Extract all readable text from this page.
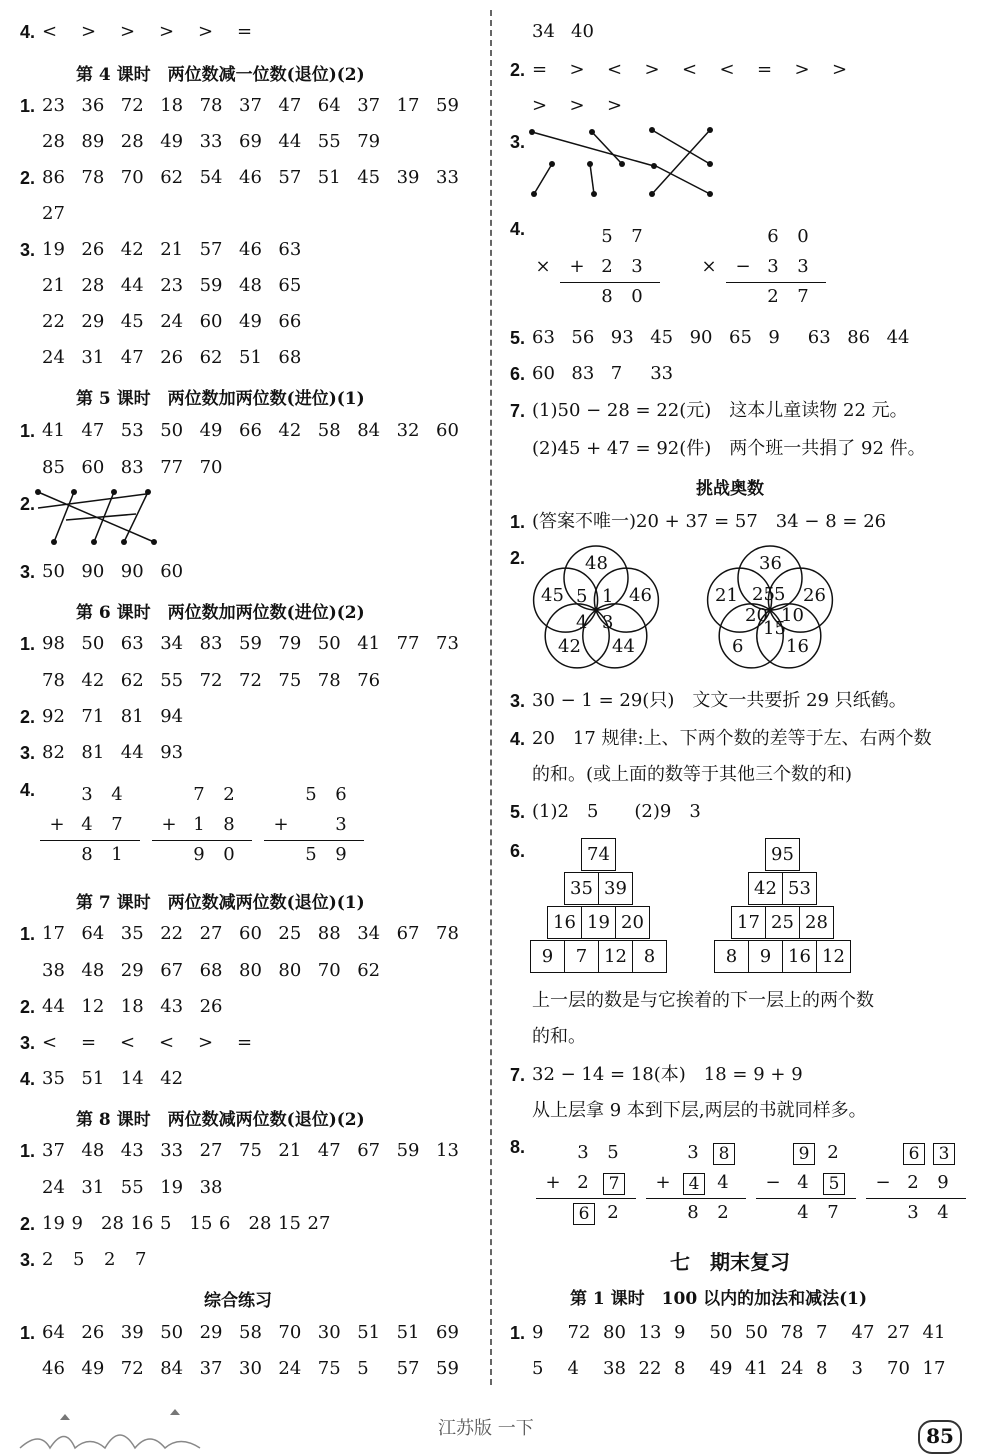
江苏版 一下	85
4. < > > > > =
第 4 课时　两位数减一位数(退位)(2)
1. 23 36 72 18 78 37 47 64 37 17 59
28 89 28 49 33 69 44 55 79
2. 86 78 70 62 54 46 57 51 45 39 33
27
3. 19 26 42 21 57 46 63
21 28 44 23 59 48 65
22 29 45 24 60 49 66
24 31 47 26 62 51 68
第 5 课时　两位数加两位数(进位)(1)
1. 41 47 53 50 49 66 42 58 84 32 60
85 60 83 77 70
2.
3. 50 90 90 60
第 6 课时　两位数加两位数(进位)(2)
1. 98 50 63 34 83 59 79 50 41 77 73
78 42 62 55 72 72 75 78 76
2. 92 71 81 94
3. 82 81 44 93
4.
第 7 课时　两位数减两位数(退位)(1)
1. 17 64 35 22 27 60 25 88 34 67 78
38 48 29 67 68 80 80 70 62
2. 44 12 18 43 26
3. < = < < > =
4. 35 51 14 42
第 8 课时　两位数减两位数(退位)(2)
1. 37 48 43 33 27 75 21 47 67 59 13
24 31 55 19 38
2. 19 9 28 16 5 15 6 28 15 27
3. 2 5 2 7
综合练习
1. 64 26 39 50 29 58 70 30 51 51 69
46 49 72 84 37 30 24 75 5 57 59
3 4
+ 4 7
8 1
7 2
+ 1 8
9 0
5 6
+	3
5 9
34 40
2. = > < > < < = > >
> > >
3.
4.
×
5 7
+ 2 3
8 0
×
6 0
− 3 3
2 7
5. 63 56 93 45 90 65 9 63 86 44
6. 60 83 7 33
7. (1)50 − 28 = 22(元)　这本儿童读物 22 元。
(2)45 + 47 = 92(件)　两个班一共捐了 92 件。
挑战奥数
1. (答案不唯一)20 + 37 = 57　34 − 8 = 26
2.	48
46
44
42
45 1
3
4
5
36
26
16
6
21 5
10
15
20
25
3. 30 − 1 = 29(只)　文文一共要折 29 只纸鹤。
4. 20　17 规律:上、下两个数的差等于左、右两个数
的和。(或上面的数等于其他三个数的和)
5. (1)2　5　　(2)9　3
6.	74
35 39
16 19 20
9	7 12 8
95
42 53
17 25 28
8	9 16 12
上一层的数是与它挨着的下一层上的两个数
的和。
7. 32 − 14 = 18(本)　18 = 9 + 9
从上层拿 9 本到下层,两层的书就同样多。
8.	3 5
+ 2	7
6 2
3	8
+	4 4
8 2
9 2
− 4	5
4 7
6	3
− 2 9
3 4
七　期末复习
第 1 课时　100 以内的加法和减法(1)
1. 9 72 80 13 9 50 50 78 7 47 27 41
5 4 38 22 8 49 41 24 8 3 70 17
